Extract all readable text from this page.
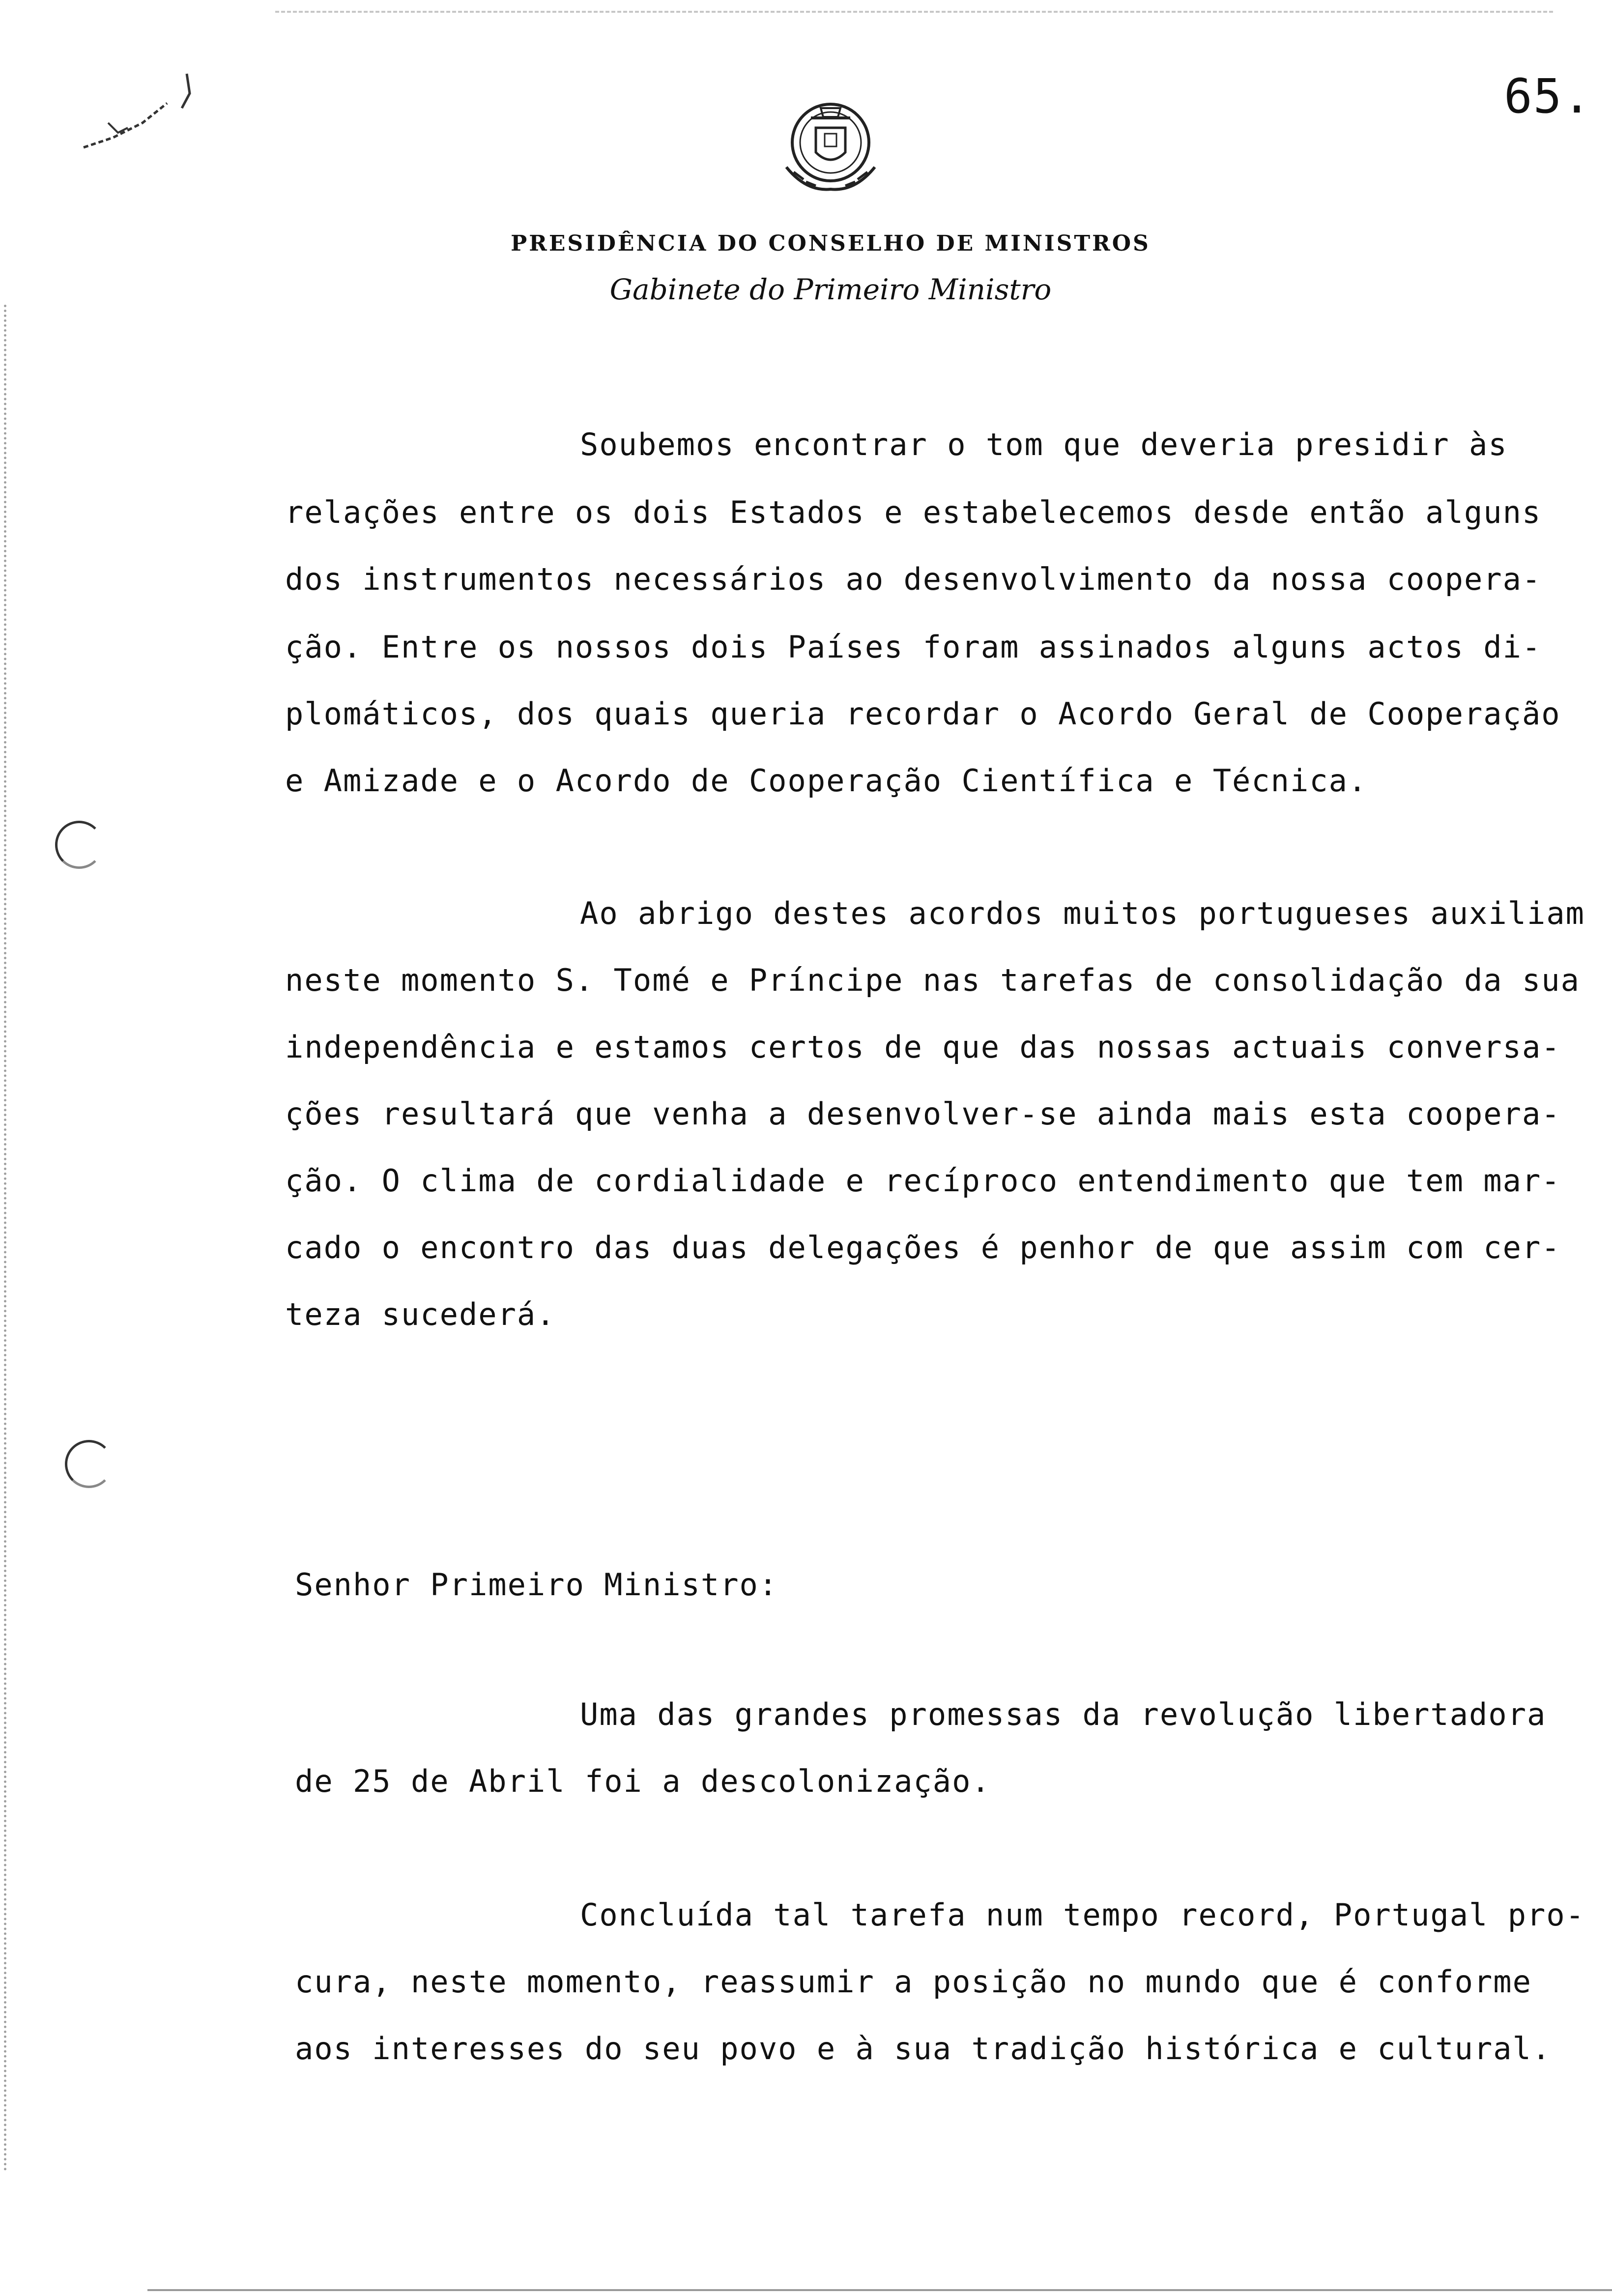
65.
PRESIDÊNCIA DO CONSELHO DE MINISTROS
Gabinete do Primeiro Ministro
Soubemos encontrar o tom que deveria presidir às
relações entre os dois Estados e estabelecemos desde então alguns
dos instrumentos necessários ao desenvolvimento da nossa coopera-
ção. Entre os nossos dois Países foram assinados alguns actos di-
plomáticos, dos quais queria recordar o Acordo Geral de Cooperação
e Amizade e o Acordo de Cooperação Científica e Técnica.
Ao abrigo destes acordos muitos portugueses auxiliam
neste momento S. Tomé e Príncipe nas tarefas de consolidação da sua
independência e estamos certos de que das nossas actuais conversa-
ções resultará que venha a desenvolver-se ainda mais esta coopera-
ção. O clima de cordialidade e recíproco entendimento que tem mar-
cado o encontro das duas delegações é penhor de que assim com cer-
teza sucederá.
Senhor Primeiro Ministro:
Uma das grandes promessas da revolução libertadora
de 25 de Abril foi a descolonização.
Concluída tal tarefa num tempo record, Portugal pro-
cura, neste momento, reassumir a posição no mundo que é conforme
aos interesses do seu povo e à sua tradição histórica e cultural.
